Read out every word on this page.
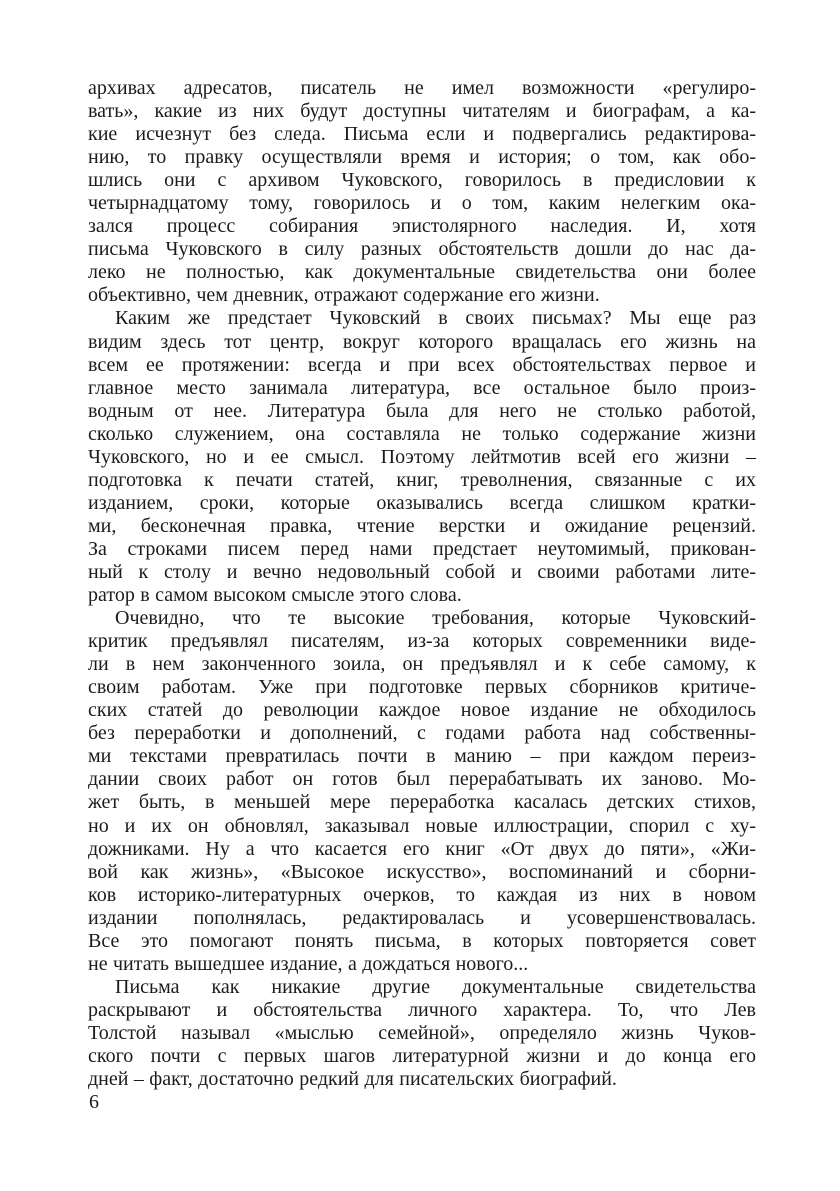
архивах адресатов, писатель не имел возможности «регулиро-
вать», какие из них будут доступны читателям и биографам, а ка-
кие исчезнут без следа. Письма если и подвергались редактирова-
нию, то правку осуществляли время и история; о том, как обо-
шлись они с архивом Чуковского, говорилось в предисловии к
четырнадцатому тому, говорилось и о том, каким нелегким ока-
зался процесс собирания эпистолярного наследия. И, хотя
письма Чуковского в силу разных обстоятельств дошли до нас да-
леко не полностью, как документальные свидетельства они более
объективно, чем дневник, отражают содержание его жизни.
Каким же предстает Чуковский в своих письмах? Мы еще раз
видим здесь тот центр, вокруг которого вращалась его жизнь на
всем ее протяжении: всегда и при всех обстоятельствах первое и
главное место занимала литература, все остальное было произ-
водным от нее. Литература была для него не столько работой,
сколько служением, она составляла не только содержание жизни
Чуковского, но и ее смысл. Поэтому лейтмотив всей его жизни –
подготовка к печати статей, книг, треволнения, связанные с их
изданием, сроки, которые оказывались всегда слишком кратки-
ми, бесконечная правка, чтение верстки и ожидание рецензий.
За строками писем перед нами предстает неутомимый, прикован-
ный к столу и вечно недовольный собой и своими работами лите-
ратор в самом высоком смысле этого слова.
Очевидно, что те высокие требования, которые Чуковский-
критик предъявлял писателям, из-за которых современники виде-
ли в нем законченного зоила, он предъявлял и к себе самому, к
своим работам. Уже при подготовке первых сборников критиче-
ских статей до революции каждое новое издание не обходилось
без переработки и дополнений, с годами работа над собственны-
ми текстами превратилась почти в манию – при каждом переиз-
дании своих работ он готов был перерабатывать их заново. Мо-
жет быть, в меньшей мере переработка касалась детских стихов,
но и их он обновлял, заказывал новые иллюстрации, спорил с ху-
дожниками. Ну а что касается его книг «От двух до пяти», «Жи-
вой как жизнь», «Высокое искусство», воспоминаний и сборни-
ков историко-литературных очерков, то каждая из них в новом
издании пополнялась, редактировалась и усовершенствовалась.
Все это помогают понять письма, в которых повторяется совет
не читать вышедшее издание, а дождаться нового...
Письма как никакие другие документальные свидетельства
раскрывают и обстоятельства личного характера. То, что Лев
Толстой называл «мыслью семейной», определяло жизнь Чуков-
ского почти с первых шагов литературной жизни и до конца его
дней – факт, достаточно редкий для писательских биографий.
6
